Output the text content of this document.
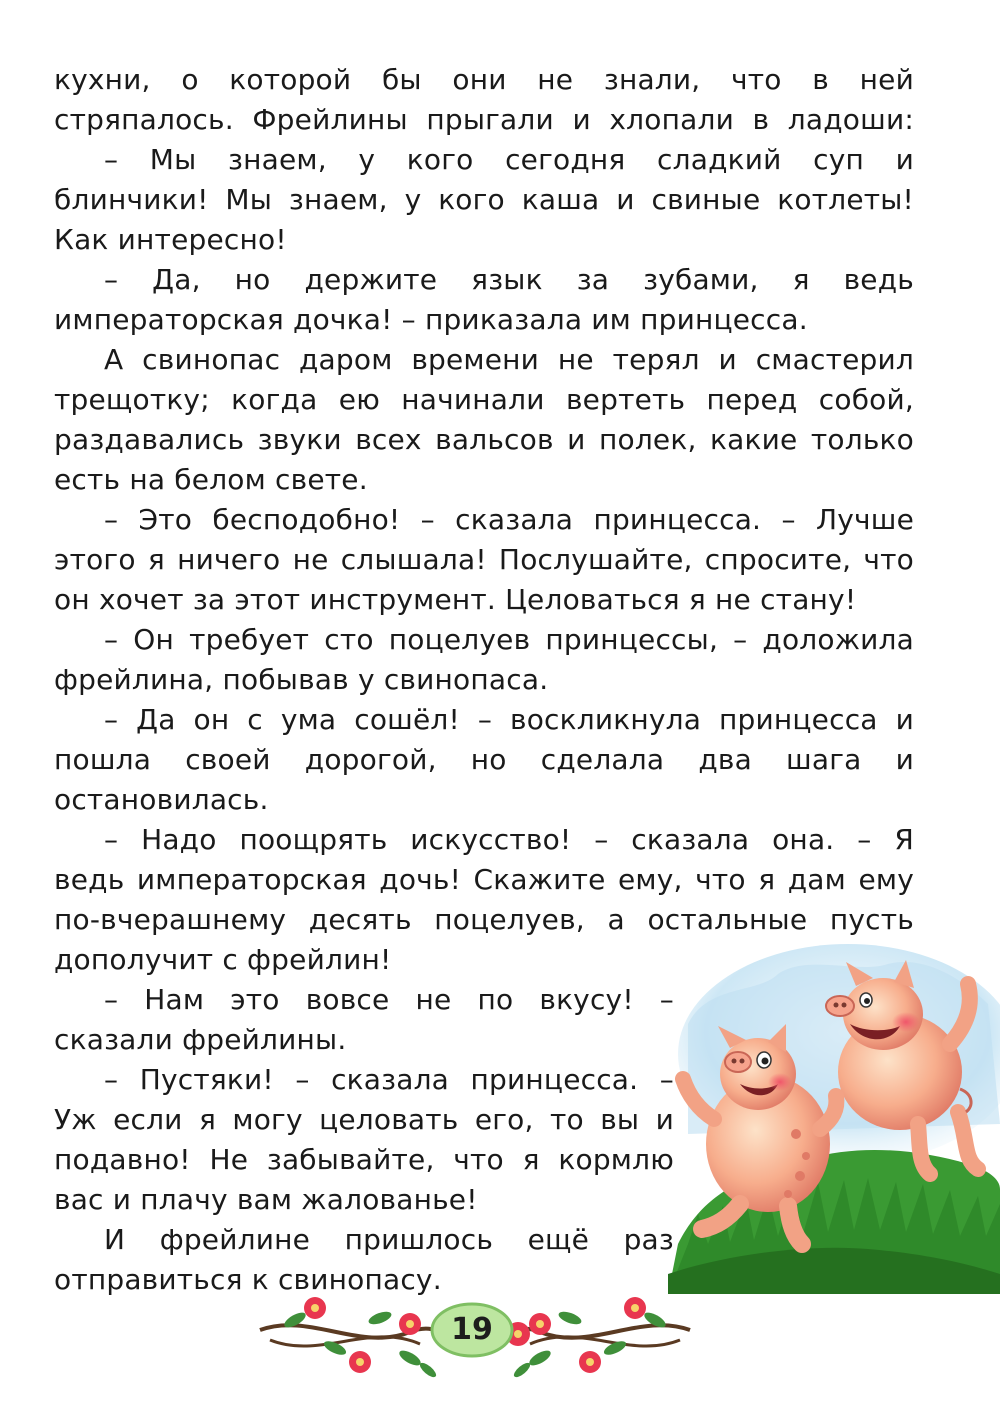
кухни, о которой бы они не знали, что в ней
стряпалось. Фрейлины прыгали и хлопали в ладоши:
– Мы знаем, у кого сегодня сладкий суп и
блинчики! Мы знаем, у кого каша и свиные котлеты!
Как интересно!
– Да, но держите язык за зубами, я ведь
императорская дочка! – приказала им принцесса.
А свинопас даром времени не терял и смастерил
трещотку; когда ею начинали вертеть перед собой,
раздавались звуки всех вальсов и полек, какие только
есть на белом свете.
– Это бесподобно! – сказала принцесса. – Лучше
этого я ничего не слышала! Послушайте, спросите, что
он хочет за этот инструмент. Целоваться я не стану!
– Он требует сто поцелуев принцессы, – доложила
фрейлина, побывав у свинопаса.
– Да он с ума сошёл! – воскликнула принцесса и
пошла своей дорогой, но сделала два шага и
остановилась.
– Надо поощрять искусство! – сказала она. – Я
ведь императорская дочь! Скажите ему, что я дам ему
по-вчерашнему десять поцелуев, а остальные пусть
дополучит с фрейлин!
– Нам это вовсе не по вкусу! –
сказали фрейлины.
– Пустяки! – сказала принцесса. –
Уж если я могу целовать его, то вы и
подавно! Не забывайте, что я кормлю
вас и плачу вам жалованье!
И фрейлине пришлось ещё раз
отправиться к свинопасу.
19
